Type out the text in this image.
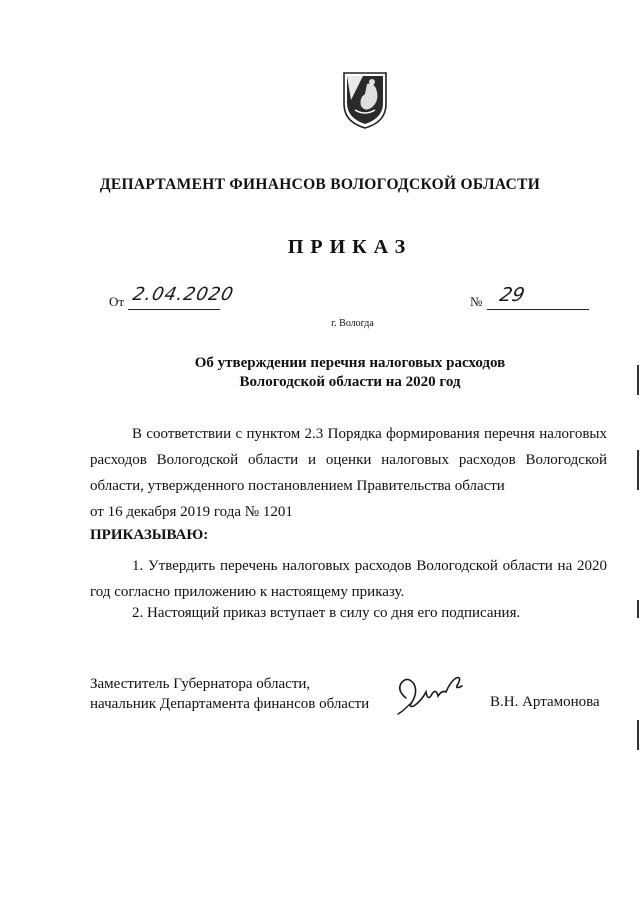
ДЕПАРТАМЕНТ ФИНАНСОВ ВОЛОГОДСКОЙ ОБЛАСТИ
ПРИКАЗ
От 2.04.2020	№ 29
г. Вологда
Об утверждении перечня налоговых расходов
Вологодской области на 2020 год
В соответствии с пунктом 2.3 Порядка формирования перечня налоговых расходов Вологодской области и оценки налоговых расходов Вологодской области, утвержденного постановлением Правительства области
от 16 декабря 2019 года № 1201
ПРИКАЗЫВАЮ:
1. Утвердить перечень налоговых расходов Вологодской области на 2020 год согласно приложению к настоящему приказу.
2. Настоящий приказ вступает в силу со дня его подписания.
Заместитель Губернатора области,
начальник Департамента финансов области	В.Н. Артамонова
